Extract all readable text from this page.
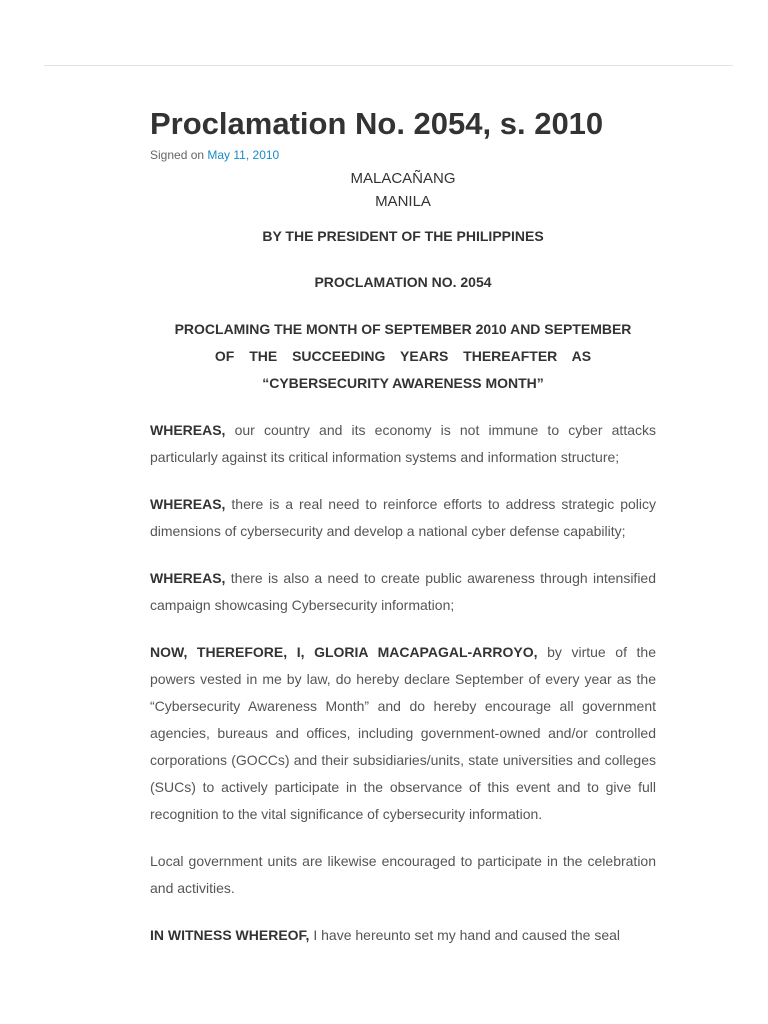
Proclamation No. 2054, s. 2010

Signed on May 11, 2010

MALACAÑANG
MANILA
BY THE PRESIDENT OF THE PHILIPPINES
PROCLAMATION NO. 2054
PROCLAMING THE MONTH OF SEPTEMBER 2010 AND SEPTEMBER
OF THE SUCCEEDING YEARS THEREAFTER AS
“CYBERSECURITY AWARENESS MONTH”

WHEREAS, our country and its economy is not immune to cyber attacks particularly against its critical information systems and information structure;

WHEREAS, there is a real need to reinforce efforts to address strategic policy dimensions of cybersecurity and develop a national cyber defense capability;

WHEREAS, there is also a need to create public awareness through intensified campaign showcasing Cybersecurity information;

NOW, THEREFORE, I, GLORIA MACAPAGAL-ARROYO, by virtue of the powers vested in me by law, do hereby declare September of every year as the “Cybersecurity Awareness Month” and do hereby encourage all government agencies, bureaus and offices, including government-owned and/or controlled corporations (GOCCs) and their subsidiaries/units, state universities and colleges (SUCs) to actively participate in the observance of this event and to give full recognition to the vital significance of cybersecurity information.

Local government units are likewise encouraged to participate in the celebration and activities.

IN WITNESS WHEREOF, I have hereunto set my hand and caused the seal
